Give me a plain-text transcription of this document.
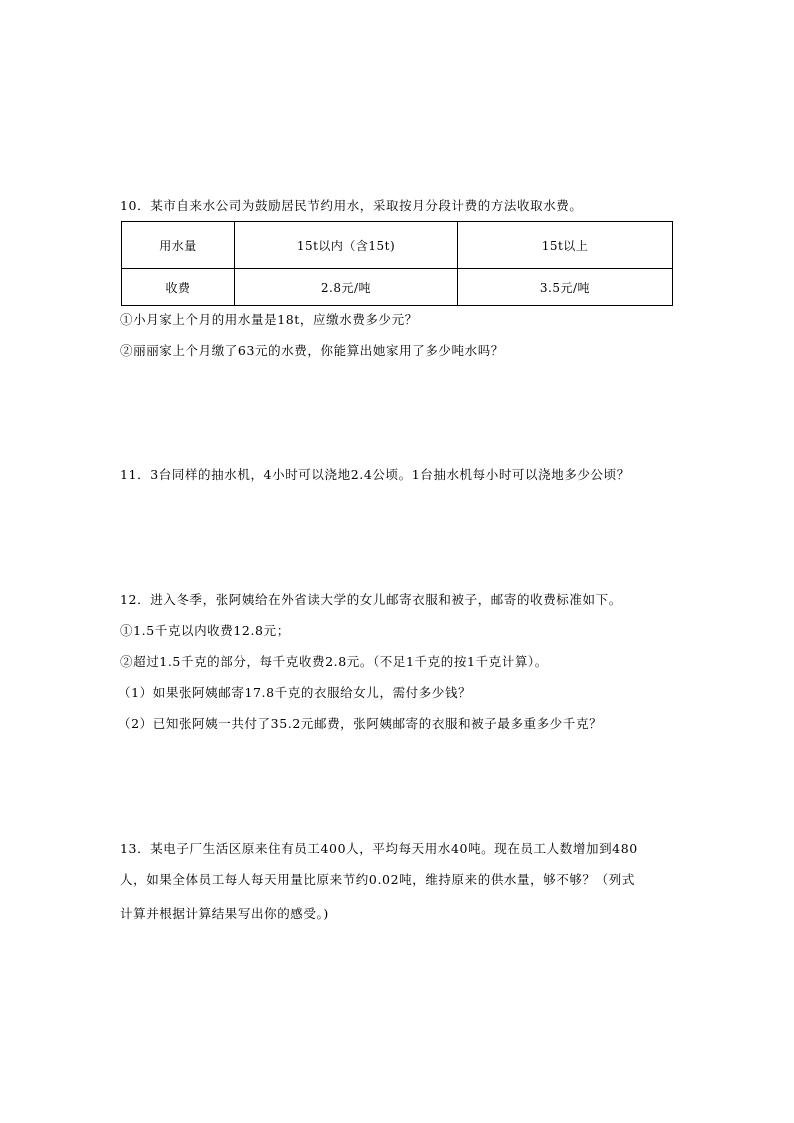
10．某市自来水公司为鼓励居民节约用水，采取按月分段计费的方法收取水费。
用水量	15t以内（含15t)	15t以上
收费	2.8元/吨	3.5元/吨
①小月家上个月的用水量是18t，应缴水费多少元？
②丽丽家上个月缴了63元的水费，你能算出她家用了多少吨水吗？
11．3台同样的抽水机，4小时可以浇地2.4公顷。1台抽水机每小时可以浇地多少公顷？
12．进入冬季，张阿姨给在外省读大学的女儿邮寄衣服和被子，邮寄的收费标准如下。
①1.5千克以内收费12.8元；
②超过1.5千克的部分，每千克收费2.8元。（不足1千克的按1千克计算）。
（1）如果张阿姨邮寄17.8千克的衣服给女儿，需付多少钱？
（2）已知张阿姨一共付了35.2元邮费，张阿姨邮寄的衣服和被子最多重多少千克？
13．某电子厂生活区原来住有员工400人，平均每天用水40吨。现在员工人数增加到480
人，如果全体员工每人每天用量比原来节约0.02吨，维持原来的供水量，够不够？（列式
计算并根据计算结果写出你的感受。)
